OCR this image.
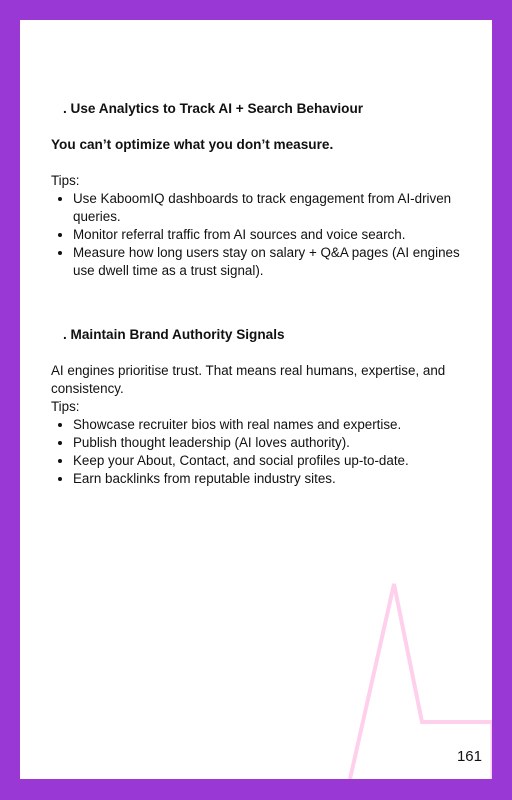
. Use Analytics to Track AI + Search Behaviour
You can’t optimize what you don’t measure.
Tips:
• Use KaboomIQ dashboards to track engagement from AI-driven queries.
• Monitor referral traffic from AI sources and voice search.
• Measure how long users stay on salary + Q&A pages (AI engines use dwell time as a trust signal).
. Maintain Brand Authority Signals
AI engines prioritise trust. That means real humans, expertise, and consistency.
Tips:
• Showcase recruiter bios with real names and expertise.
• Publish thought leadership (AI loves authority).
• Keep your About, Contact, and social profiles up-to-date.
• Earn backlinks from reputable industry sites.
161
